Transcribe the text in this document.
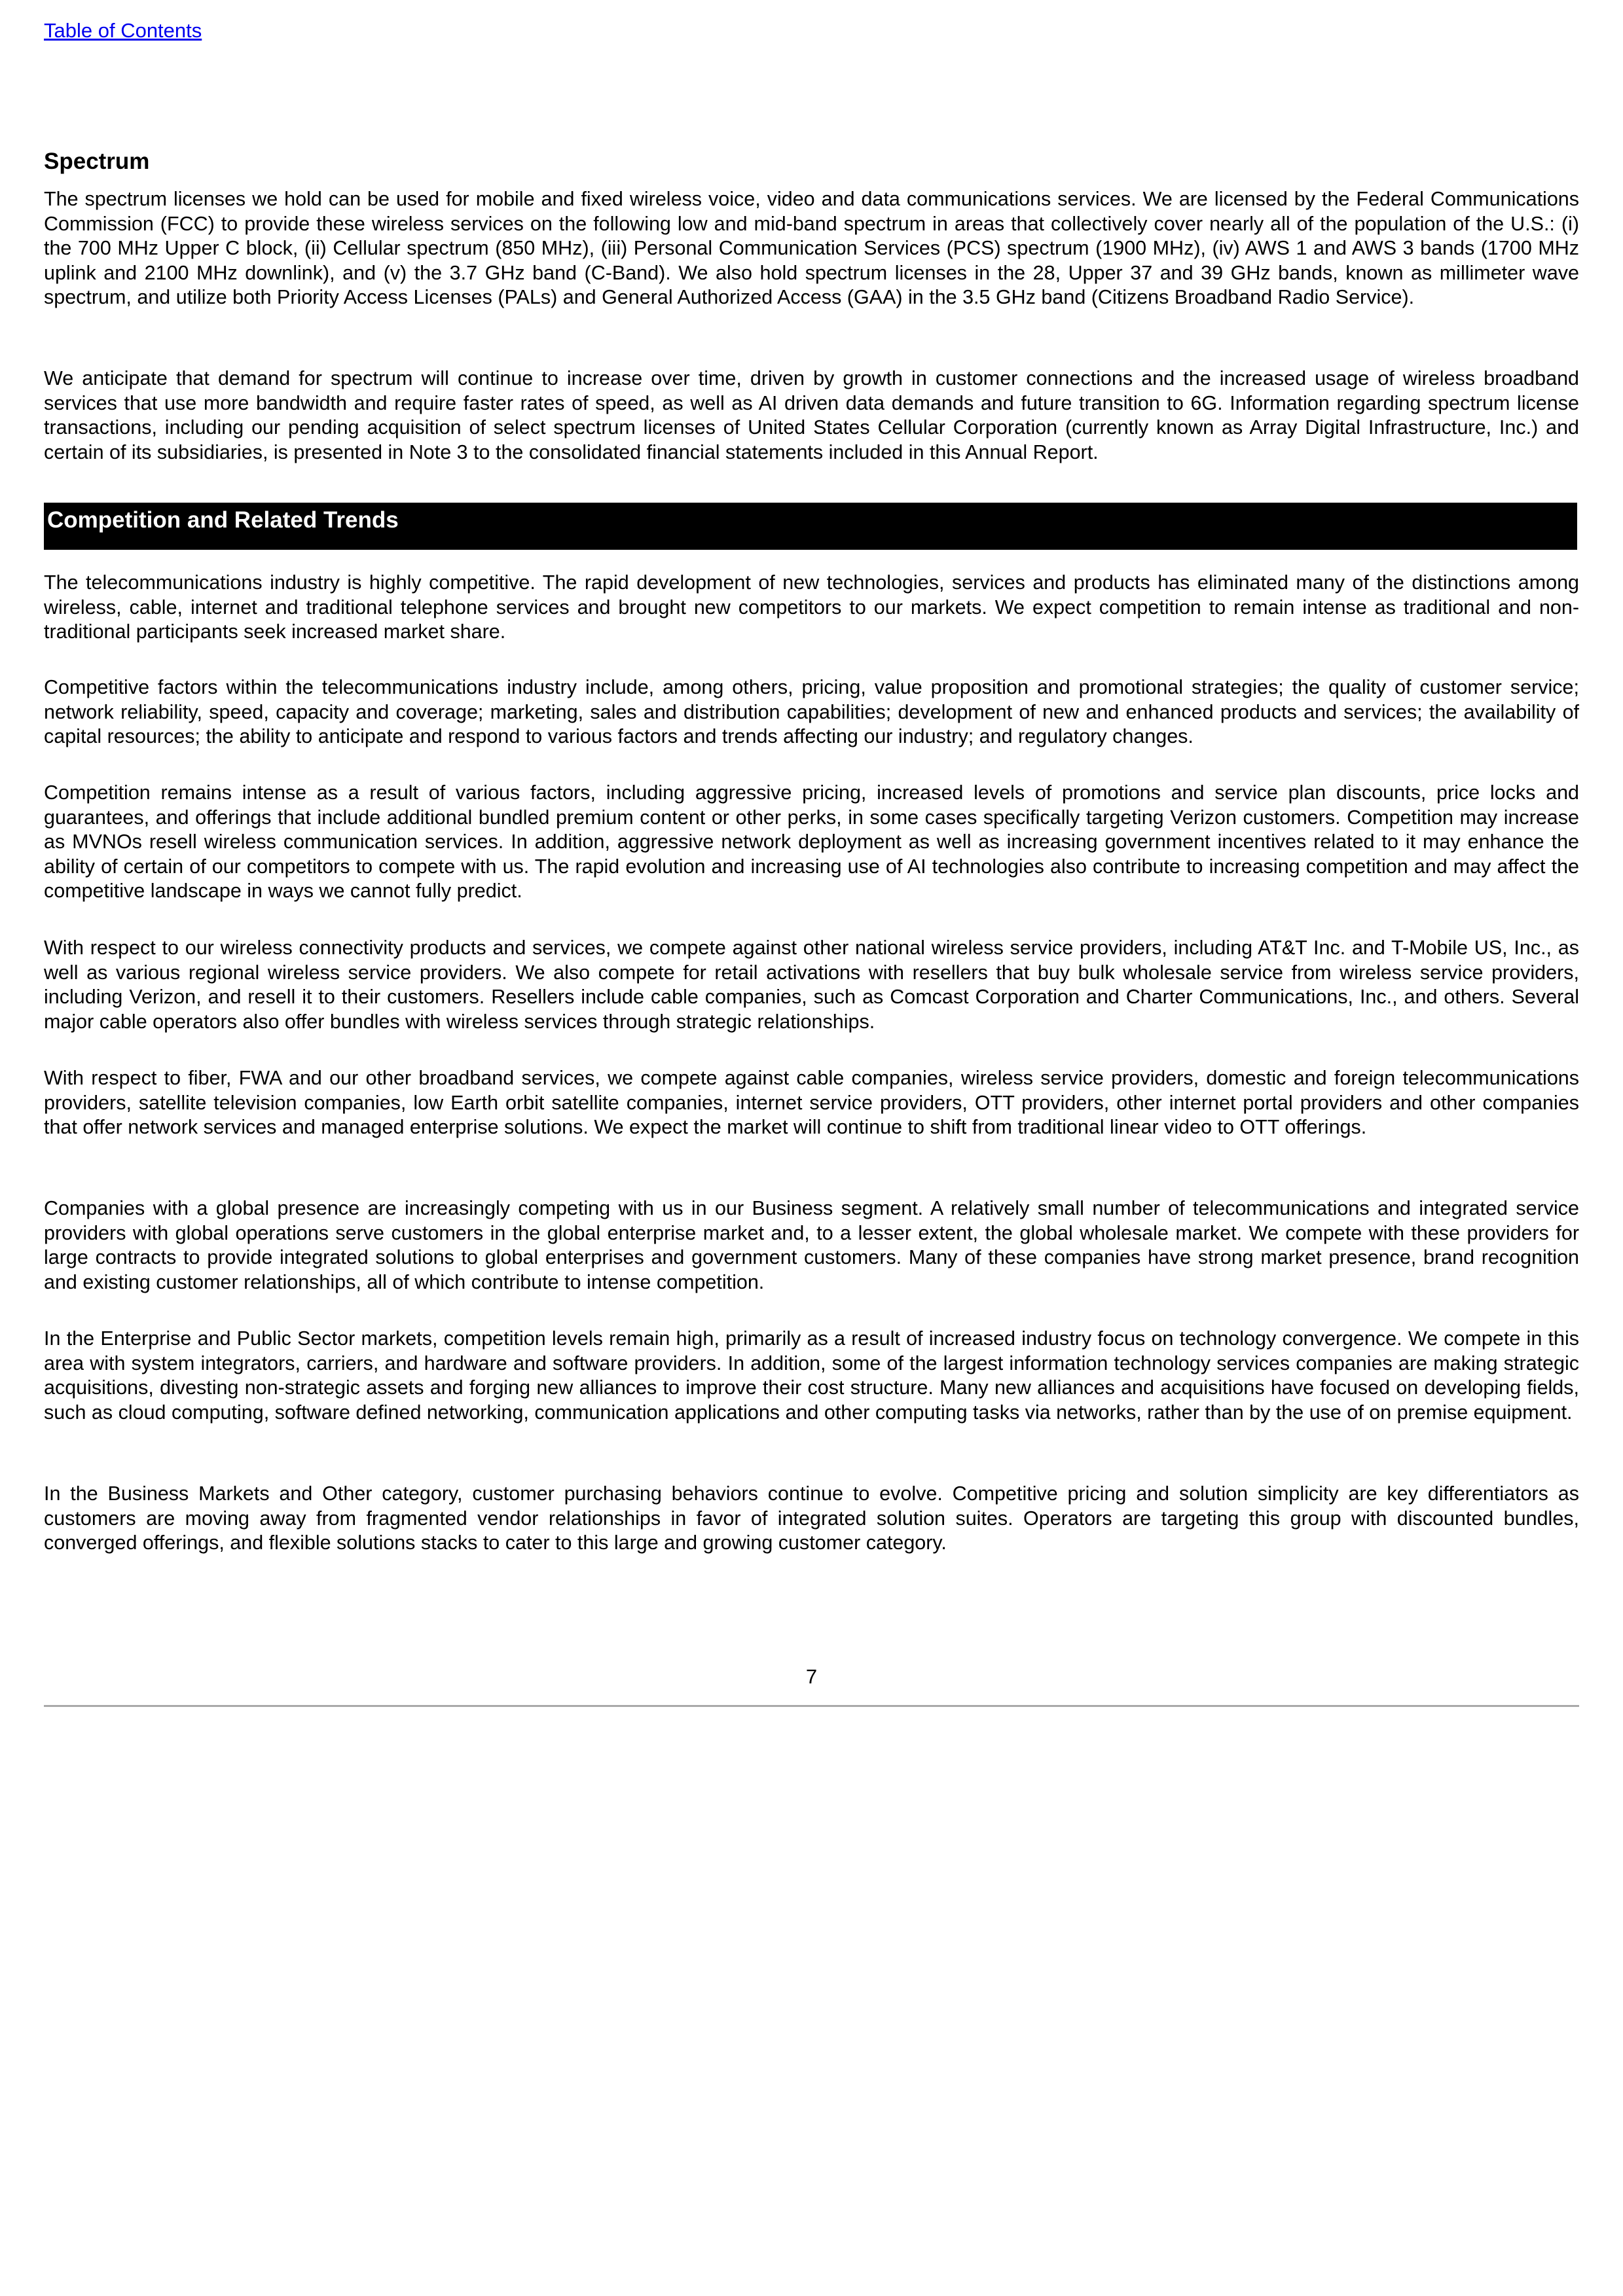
Table of Contents
Spectrum

The spectrum licenses we hold can be used for mobile and fixed wireless voice, video and data communications services. We are licensed by the Federal Communications Commission (FCC) to provide these wireless services on the following low and mid-band spectrum in areas that collectively cover nearly all of the population of the U.S.: (i) the 700 MHz Upper C block, (ii) Cellular spectrum (850 MHz), (iii) Personal Communication Services (PCS) spectrum (1900 MHz), (iv) AWS 1 and AWS 3 bands (1700 MHz uplink and 2100 MHz downlink), and (v) the 3.7 GHz band (C-Band). We also hold spectrum licenses in the 28, Upper 37 and 39 GHz bands, known as millimeter wave spectrum, and utilize both Priority Access Licenses (PALs) and General Authorized Access (GAA) in the 3.5 GHz band (Citizens Broadband Radio Service).

We anticipate that demand for spectrum will continue to increase over time, driven by growth in customer connections and the increased usage of wireless broadband services that use more bandwidth and require faster rates of speed, as well as AI driven data demands and future transition to 6G. Information regarding spectrum license transactions, including our pending acquisition of select spectrum licenses of United States Cellular Corporation (currently known as Array Digital Infrastructure, Inc.) and certain of its subsidiaries, is presented in Note 3 to the consolidated financial statements included in this Annual Report.

Competition and Related Trends

The telecommunications industry is highly competitive. The rapid development of new technologies, services and products has eliminated many of the distinctions among wireless, cable, internet and traditional telephone services and brought new competitors to our markets. We expect competition to remain intense as traditional and non-traditional participants seek increased market share.

Competitive factors within the telecommunications industry include, among others, pricing, value proposition and promotional strategies; the quality of customer service; network reliability, speed, capacity and coverage; marketing, sales and distribution capabilities; development of new and enhanced products and services; the availability of capital resources; the ability to anticipate and respond to various factors and trends affecting our industry; and regulatory changes.

Competition remains intense as a result of various factors, including aggressive pricing, increased levels of promotions and service plan discounts, price locks and guarantees, and offerings that include additional bundled premium content or other perks, in some cases specifically targeting Verizon customers. Competition may increase as MVNOs resell wireless communication services. In addition, aggressive network deployment as well as increasing government incentives related to it may enhance the ability of certain of our competitors to compete with us. The rapid evolution and increasing use of AI technologies also contribute to increasing competition and may affect the competitive landscape in ways we cannot fully predict.

With respect to our wireless connectivity products and services, we compete against other national wireless service providers, including AT&T Inc. and T-Mobile US, Inc., as well as various regional wireless service providers. We also compete for retail activations with resellers that buy bulk wholesale service from wireless service providers, including Verizon, and resell it to their customers. Resellers include cable companies, such as Comcast Corporation and Charter Communications, Inc., and others. Several major cable operators also offer bundles with wireless services through strategic relationships.

With respect to fiber, FWA and our other broadband services, we compete against cable companies, wireless service providers, domestic and foreign telecommunications providers, satellite television companies, low Earth orbit satellite companies, internet service providers, OTT providers, other internet portal providers and other companies that offer network services and managed enterprise solutions. We expect the market will continue to shift from traditional linear video to OTT offerings.

Companies with a global presence are increasingly competing with us in our Business segment. A relatively small number of telecommunications and integrated service providers with global operations serve customers in the global enterprise market and, to a lesser extent, the global wholesale market. We compete with these providers for large contracts to provide integrated solutions to global enterprises and government customers. Many of these companies have strong market presence, brand recognition and existing customer relationships, all of which contribute to intense competition.

In the Enterprise and Public Sector markets, competition levels remain high, primarily as a result of increased industry focus on technology convergence. We compete in this area with system integrators, carriers, and hardware and software providers. In addition, some of the largest information technology services companies are making strategic acquisitions, divesting non-strategic assets and forging new alliances to improve their cost structure. Many new alliances and acquisitions have focused on developing fields, such as cloud computing, software defined networking, communication applications and other computing tasks via networks, rather than by the use of on premise equipment.

In the Business Markets and Other category, customer purchasing behaviors continue to evolve. Competitive pricing and solution simplicity are key differentiators as customers are moving away from fragmented vendor relationships in favor of integrated solution suites. Operators are targeting this group with discounted bundles, converged offerings, and flexible solutions stacks to cater to this large and growing customer category.

7
